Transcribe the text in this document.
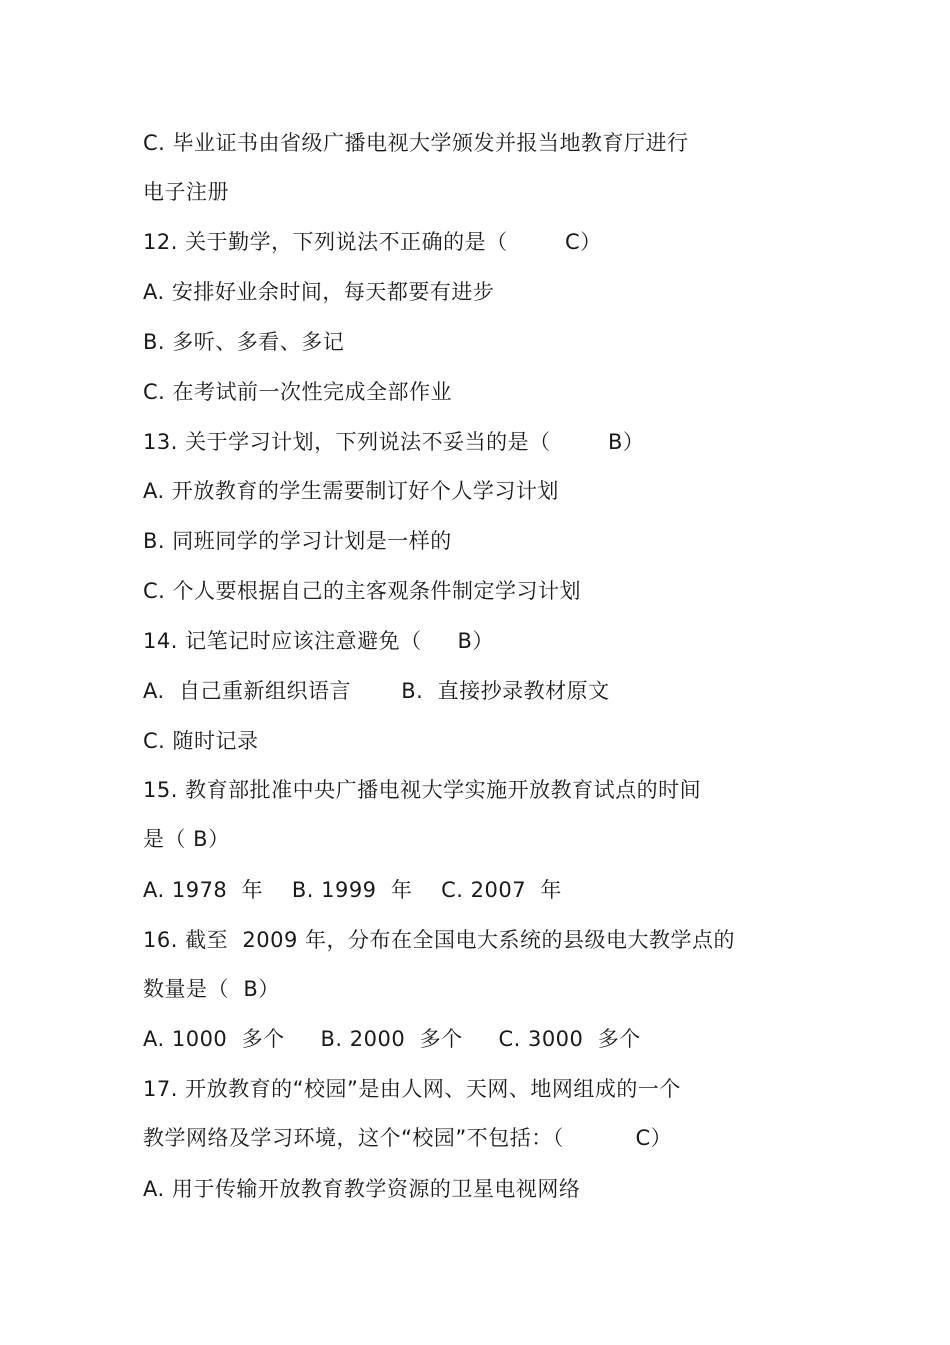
C. 毕业证书由省级广播电视大学颁发并报当地教育厅进行
电子注册
12. 关于勤学，下列说法不正确的是（        C）
A. 安排好业余时间，每天都要有进步
B. 多听、多看、多记
C. 在考试前一次性完成全部作业
13. 关于学习计划，下列说法不妥当的是（        B）
A. 开放教育的学生需要制订好个人学习计划
B. 同班同学的学习计划是一样的
C. 个人要根据自己的主客观条件制定学习计划
14. 记笔记时应该注意避免（     B）
A.  自己重新组织语言       B.  直接抄录教材原文
C. 随时记录
15. 教育部批准中央广播电视大学实施开放教育试点的时间
是（ B）
A. 1978  年    B. 1999  年    C. 2007  年
16. 截至  2009 年，分布在全国电大系统的县级电大教学点的
数量是（  B）
A. 1000  多个     B. 2000  多个     C. 3000  多个
17. 开放教育的“校园”是由人网、天网、地网组成的一个
教学网络及学习环境，这个“校园”不包括：（          C）
A. 用于传输开放教育教学资源的卫星电视网络
